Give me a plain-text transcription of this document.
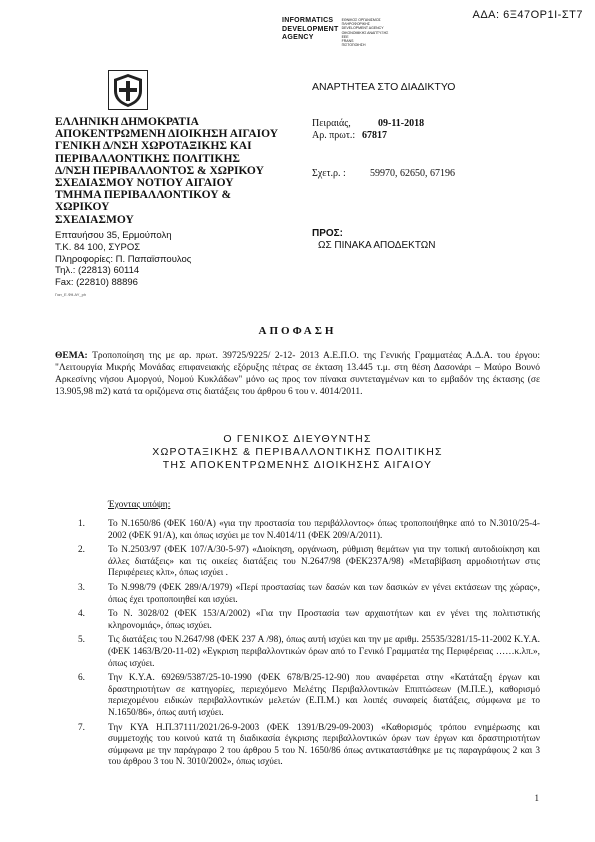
ΑΔΑ: 6Ξ47ΟΡ1Ι-ΣΤ7
INFORMATICS
DEVELOPMENT
AGENCY
ΕΘΝΙΚΟΣ ΟΡΓΑΝΙΣΜΟΣ
ΠΛΗΡΟΦΟΡΙΚΗΣ
DEVELOPMENT AGENCY
ΟΙΚΟΝΟΜΙΚΗΣ ΑΝΑΠΤΥΞΗΣ
ΕΕΕ
FRANS
ΠΙΣΤΟΠΟΙΗΣΗ
ΕΛΛΗΝΙΚΗ ΔΗΜΟΚΡΑΤΙΑ
ΑΠΟΚΕΝΤΡΩΜΕΝΗ ΔΙΟΙΚΗΣΗ ΑΙΓΑΙΟΥ
ΓΕΝΙΚΗ Δ/ΝΣΗ ΧΩΡΟΤΑΞΙΚΗΣ ΚΑΙ
ΠΕΡΙΒΑΛΛΟΝΤΙΚΗΣ ΠΟΛΙΤΙΚΗΣ
Δ/ΝΣΗ ΠΕΡΙΒΑΛΛΟΝΤΟΣ & ΧΩΡΙΚΟΥ
ΣΧΕΔΙΑΣΜΟΥ ΝΟΤΙΟΥ ΑΙΓΑΙΟΥ
ΤΜΗΜΑ ΠΕΡΙΒΑΛΛΟΝΤΙΚΟΥ & ΧΩΡΙΚΟΥ
ΣΧΕΔΙΑΣΜΟΥ
ΑΝΑΡΤΗΤΕΑ ΣΤΟ ΔΙΑΔΙΚΤΥΟ
Πειραιάς,	09-11-2018
Αρ. πρωτ.: 67817
Σχετ.ρ. : 59970, 62650, 67196
Επταυήσου 35, Ερμούπολη
Τ.Κ. 84 100, ΣΥΡΟΣ
Πληροφορίες: Π. Παπαϊσπουλος
Τηλ.: (22813) 60114
Fax: (22810) 88896
Γιατ_Ε.Φθ.ΑΥ_ph
ΠΡΟΣ:
ΩΣ ΠΙΝΑΚΑ ΑΠΟΔΕΚΤΩΝ
ΑΠΟΦΑΣΗ
ΘΕΜΑ: Τροποποίηση της με αρ. πρωτ. 39725/9225/ 2-12- 2013 Α.Ε.Π.Ο. της Γενικής Γραμματέας Α.Δ.Α. του έργου: "Λειτουργία Μικρής Μονάδας επιφανειακής εξόρυξης πέτρας σε έκταση 13.445 τ.μ. στη θέση Δασονάρι – Μαύρο Βουνό Αρκεσίνης νήσου Αμοργού, Νομού Κυκλάδων" μόνο ως προς τον πίνακα συντεταγμένων και το εμβαδόν της έκτασης (σε 13.905,98 m2) κατά τα οριζόμενα στις διατάξεις του άρθρου 6 του ν. 4014/2011.
Ο ΓΕΝΙΚΟΣ ΔΙΕΥΘΥΝΤΗΣ
ΧΩΡΟΤΑΞΙΚΗΣ & ΠΕΡΙΒΑΛΛΟΝΤΙΚΗΣ ΠΟΛΙΤΙΚΗΣ
ΤΗΣ ΑΠΟΚΕΝΤΡΩΜΕΝΗΣ ΔΙΟΙΚΗΣΗΣ ΑΙΓΑΙΟΥ
Έχοντας υπόψη:
1.	Το Ν.1650/86 (ΦΕΚ 160/Α) «για την προστασία του περιβάλλοντος» όπως τροποποιήθηκε από το Ν.3010/25-4-2002 (ΦΕΚ 91/Α), και όπως ισχύει με τον Ν.4014/11 (ΦΕΚ 209/Α/2011).
2.	Το Ν.2503/97 (ΦΕΚ 107/Α/30-5-97) «Διοίκηση, οργάνωση, ρύθμιση θεμάτων για την τοπική αυτοδιοίκηση και άλλες διατάξεις» και τις οικείες διατάξεις του Ν.2647/98 (ΦΕΚ237Α/98) «Μεταβίβαση αρμοδιοτήτων στις Περιφέρειες κλπ», όπως ισχύει .
3.	Το Ν.998/79 (ΦΕΚ 289/Α/1979) «Περί προστασίας των δασών και των δασικών εν γένει εκτάσεων της χώρας», όπως έχει τροποποιηθεί και ισχύει.
4.	Το Ν. 3028/02 (ΦΕΚ 153/Α/2002) «Για την Προστασία των αρχαιοτήτων και εν γένει της πολιτιστικής κληρονομιάς», όπως ισχύει.
5.	Τις διατάξεις του Ν.2647/98 (ΦΕΚ 237 Α /98), όπως αυτή ισχύει και την με αριθμ. 25535/3281/15-11-2002 Κ.Υ.Α. (ΦΕΚ 1463/Β/20-11-02) «Εγκριση περιβαλλοντικών όρων από το Γενικό Γραμματέα της Περιφέρειας ……κ.λπ.», όπως ισχύει.
6.	Την Κ.Υ.Α. 69269/5387/25-10-1990 (ΦΕΚ 678/Β/25-12-90) που αναφέρεται στην «Κατάταξη έργων και δραστηριοτήτων σε κατηγορίες, περιεχόμενο Μελέτης Περιβαλλοντικών Επιπτώσεων (Μ.Π.Ε.), καθορισμό περιεχομένου ειδικών περιβαλλοντικών μελετών (Ε.Π.Μ.) και λοιπές συναφείς διατάξεις, σύμφωνα με το Ν.1650/86», όπως αυτή ισχύει.
7.	Την ΚΥΑ Η.Π.37111/2021/26-9-2003 (ΦΕΚ 1391/Β/29-09-2003) «Καθορισμός τρόπου ενημέρωσης και συμμετοχής του κοινού κατά τη διαδικασία έγκρισης περιβαλλοντικών όρων των έργων και δραστηριοτήτων σύμφωνα με την παράγραφο 2 του άρθρου 5 του Ν. 1650/86 όπως αντικαταστάθηκε με τις παραγράφους 2 και 3 του άρθρου 3 του Ν. 3010/2002», όπως ισχύει.
1
